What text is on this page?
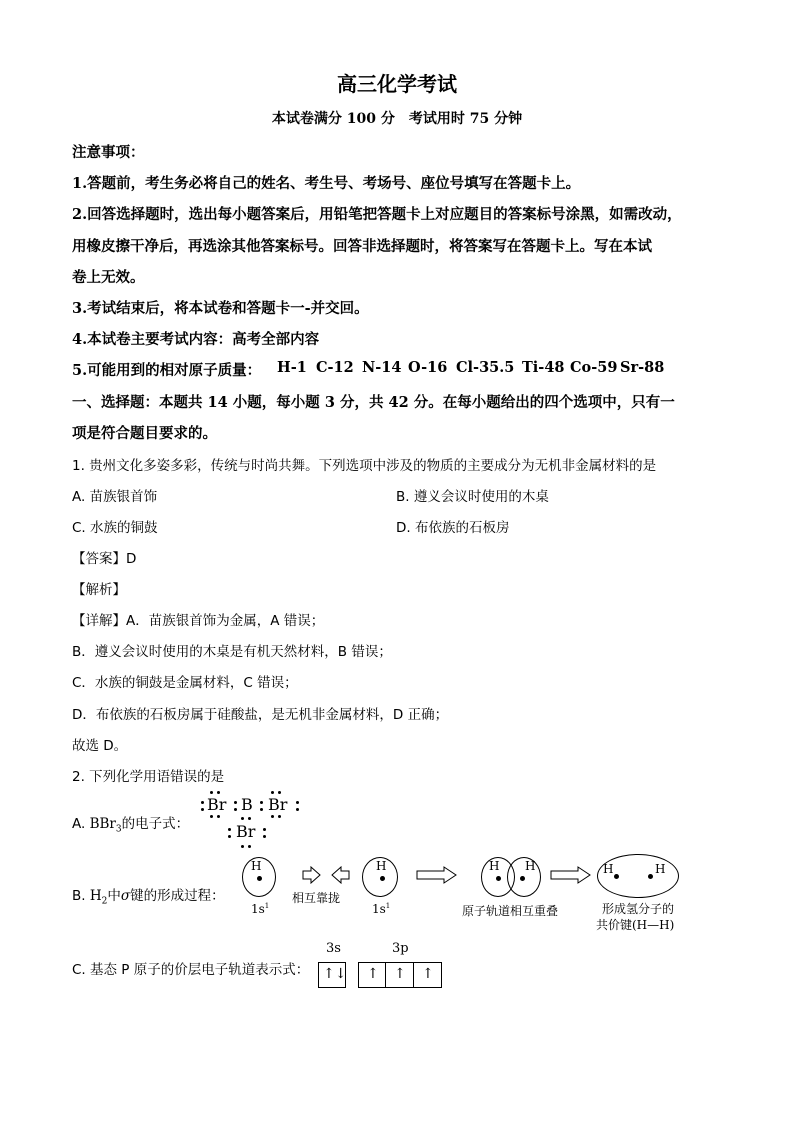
高三化学考试
本试卷满分 100 分　考试用时 75 分钟
注意事项：
1.答题前，考生务必将自己的姓名、考生号、考场号、座位号填写在答题卡上。
2.回答选择题时，选出每小题答案后，用铅笔把答题卡上对应题目的答案标号涂黑，如需改动，
用橡皮擦干净后，再选涂其他答案标号。回答非选择题时，将答案写在答题卡上。写在本试
卷上无效。
3.考试结束后，将本试卷和答题卡一-并交回。
4.本试卷主要考试内容：高考全部内容
5.可能用到的相对原子质量： H-1 C-12 N-14 O-16 Cl-35.5 Ti-48 Co-59 Sr-88
一、选择题：本题共 14 小题，每小题 3 分，共 42 分。在每小题给出的四个选项中，只有一
项是符合题目要求的。
1. 贵州文化多姿多彩，传统与时尚共舞。下列选项中涉及的物质的主要成分为无机非金属材料的是
A. 苗族银首饰	B. 遵义会议时使用的木桌
C. 水族的铜鼓	D. 布依族的石板房
【答案】D
【解析】
【详解】A．苗族银首饰为金属，A 错误；
B．遵义会议时使用的木桌是有机天然材料，B 错误；
C．水族的铜鼓是金属材料，C 错误；
D．布依族的石板房属于硅酸盐，是无机非金属材料，D 正确；
故选 D。
2. 下列化学用语错误的是
A. BBr$_3$的电子式：
Br B Br
Br
B. $H_2$中σ键的形成过程：
H
$1s^1$
相互靠拢
H
$1s^1$
H H
原子轨道相互重叠
H	H
形成氢分子的
共价键(H—H)
C. 基态 P 原子的价层电子轨道表示式：
3s	3p
↑↓ ↑ ↑ ↑
